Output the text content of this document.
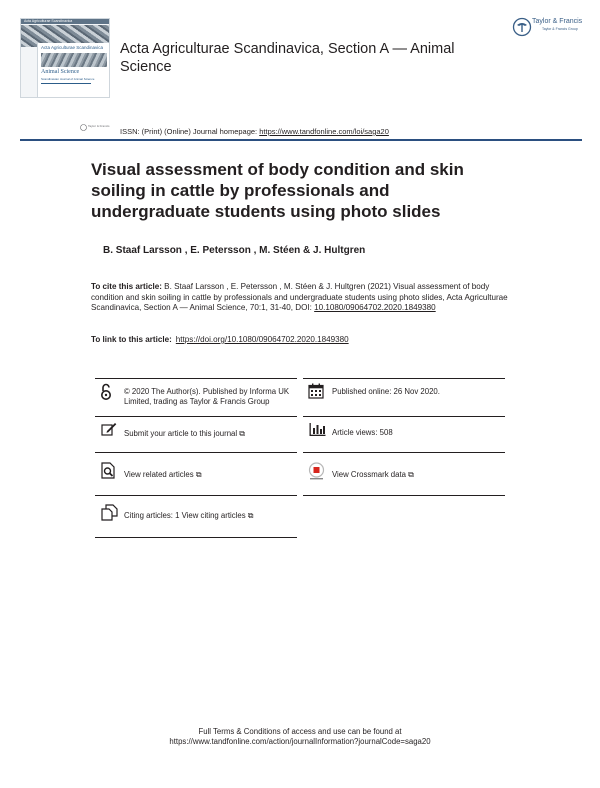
Acta Agriculturae Scandinavica
Acta Agriculturae Scandinavica
Animal Science
Scandinavian Journal of Animal Science
Taylor & Francis
Taylor & Francis Group
Acta Agriculturae Scandinavica, Section A — Animal Science
Taylor & Francis
ISSN: (Print) (Online) Journal homepage: https://www.tandfonline.com/loi/saga20
Visual assessment of body condition and skin soiling in cattle by professionals and undergraduate students using photo slides
B. Staaf Larsson , E. Petersson , M. Stéen & J. Hultgren
To cite this article: B. Staaf Larsson , E. Petersson , M. Stéen & J. Hultgren (2021) Visual assessment of body condition and skin soiling in cattle by professionals and undergraduate students using photo slides, Acta Agriculturae Scandinavica, Section A — Animal Science, 70:1, 31-40, DOI: 10.1080/09064702.2020.1849380
To link to this article: https://doi.org/10.1080/09064702.2020.1849380
© 2020 The Author(s). Published by Informa UK Limited, trading as Taylor & Francis Group
Published online: 26 Nov 2020.
Submit your article to this journal ⧉	Article views: 508
View related articles ⧉	View Crossmark data ⧉
Citing articles: 1 View citing articles ⧉
Full Terms & Conditions of access and use can be found at
https://www.tandfonline.com/action/journalInformation?journalCode=saga20
